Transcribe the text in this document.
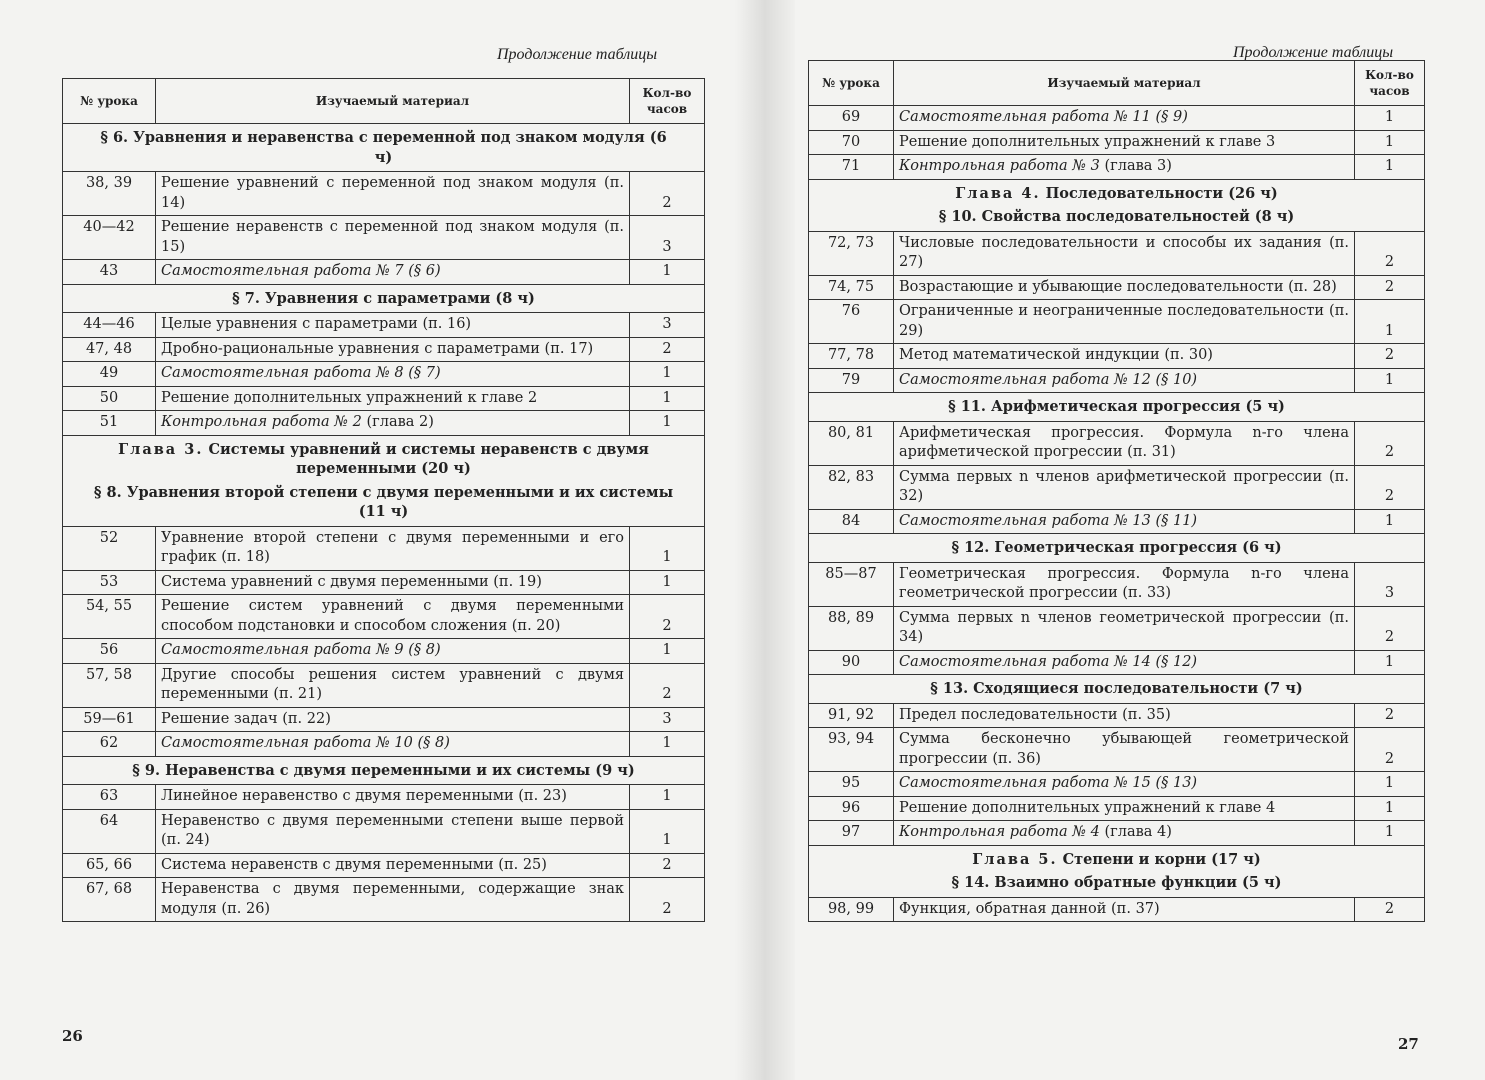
Продолжение таблицы
№ урока	Изучаемый материал	Кол-во часов
§ 6. Уравнения и неравенства с переменной под знаком модуля (6 ч)		
38, 39	Решение уравнений с переменной под знаком модуля (п. 14)	2
40—42	Решение неравенств с переменной под знаком модуля (п. 15)	3
43	Самостоятельная работа № 7 (§ 6)	1
§ 7. Уравнения с параметрами (8 ч)		
44—46	Целые уравнения с параметрами (п. 16)	3
47, 48	Дробно-рациональные уравнения с параметрами (п. 17)	2
49	Самостоятельная работа № 8 (§ 7)	1
50	Решение дополнительных упражнений к главе 2	1
51	Контрольная работа № 2 (глава 2)	1

Глава 3. Системы уравнений и системы неравенств с двумя переменными (20 ч)
§ 8. Уравнения второй степени с двумя переменными и их системы (11 ч)		

52	Уравнение второй степени с двумя переменными и его график (п. 18)	1
53	Система уравнений с двумя переменными (п. 19)	1
54, 55	Решение систем уравнений с двумя переменными способом подстановки и способом сложения (п. 20)	2
56	Самостоятельная работа № 9 (§ 8)	1
57, 58	Другие способы решения систем уравнений с двумя переменными (п. 21)	2
59—61	Решение задач (п. 22)	3
62	Самостоятельная работа № 10 (§ 8)	1
§ 9. Неравенства с двумя переменными и их системы (9 ч)		
63	Линейное неравенство с двумя переменными (п. 23)	1
64	Неравенство с двумя переменными степени выше первой (п. 24)	1
65, 66	Система неравенств с двумя переменными (п. 25)	2
67, 68	Неравенства с двумя переменными, содержащие знак модуля (п. 26)	2
26
Продолжение таблицы
№ урока	Изучаемый материал	Кол-во часов
69	Самостоятельная работа № 11 (§ 9)	1
70	Решение дополнительных упражнений к главе 3	1
71	Контрольная работа № 3 (глава 3)	1

Глава 4. Последовательности (26 ч)
§ 10. Свойства последовательностей (8 ч)		

72, 73	Числовые последовательности и способы их задания (п. 27)	2
74, 75	Возрастающие и убывающие последовательности (п. 28)	2
76	Ограниченные и неограниченные последовательности (п. 29)	1
77, 78	Метод математической индукции (п. 30)	2
79	Самостоятельная работа № 12 (§ 10)	1
§ 11. Арифметическая прогрессия (5 ч)		
80, 81	Арифметическая прогрессия. Формула n-го члена арифметической прогрессии (п. 31)	2
82, 83	Сумма первых n членов арифметической прогрессии (п. 32)	2
84	Самостоятельная работа № 13 (§ 11)	1
§ 12. Геометрическая прогрессия (6 ч)		
85—87	Геометрическая прогрессия. Формула n-го члена геометрической прогрессии (п. 33)	3
88, 89	Сумма первых n членов геометрической прогрессии (п. 34)	2
90	Самостоятельная работа № 14 (§ 12)	1
§ 13. Сходящиеся последовательности (7 ч)		
91, 92	Предел последовательности (п. 35)	2
93, 94	Сумма бесконечно убывающей геометрической прогрессии (п. 36)	2
95	Самостоятельная работа № 15 (§ 13)	1
96	Решение дополнительных упражнений к главе 4	1
97	Контрольная работа № 4 (глава 4)	1

Глава 5. Степени и корни (17 ч)
§ 14. Взаимно обратные функции (5 ч)		

98, 99	Функция, обратная данной (п. 37)	2
27
